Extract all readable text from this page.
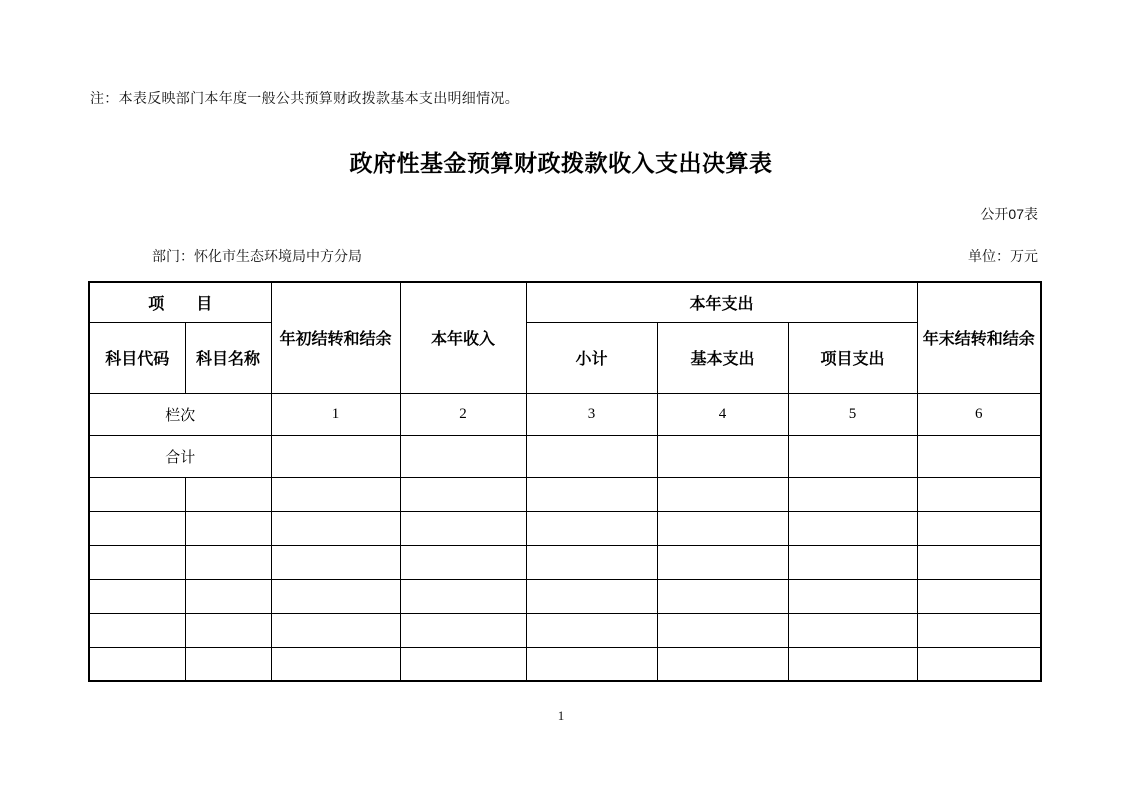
注：本表反映部门本年度一般公共预算财政拨款基本支出明细情况。

政府性基金预算财政拨款收入支出决算表
公开07表
部门：怀化市生态环境局中方分局	单位：万元
项　　目		年初结转和结余	本年收入	本年支出			年末结转和结余
科目代码	科目名称			小计	基本支出	项目支出	
栏次		1	2	3	4	5	6
合计							

1
